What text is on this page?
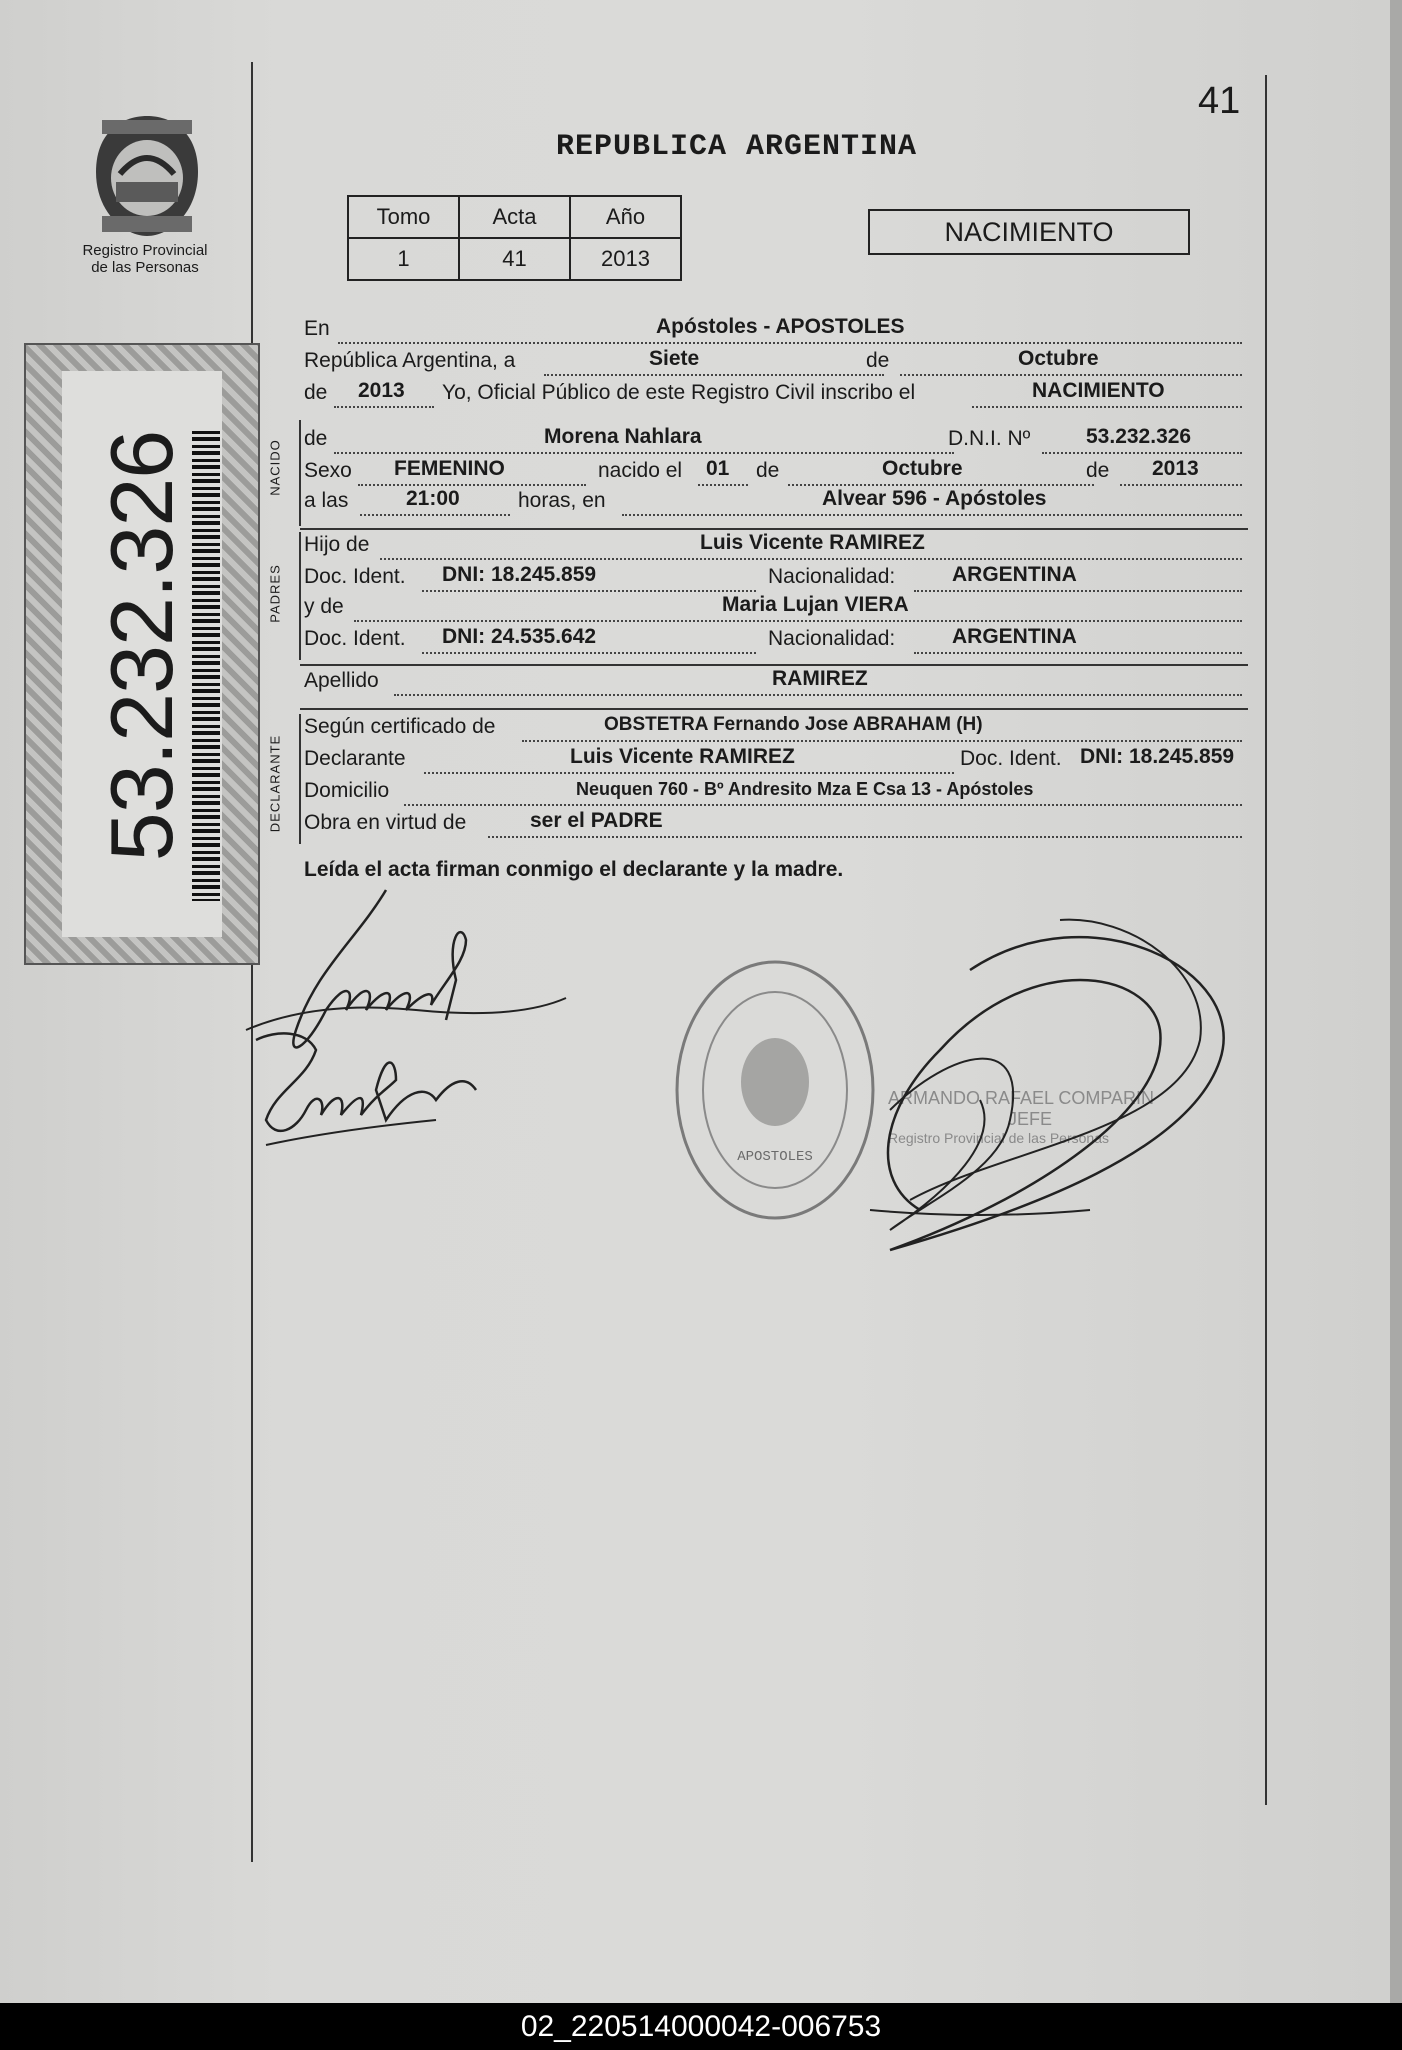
Registro Provincial
de las Personas
53.232.326
41
REPUBLICA ARGENTINA
Tomo	Acta	Año
1	41	2013
NACIMIENTO
En	Apóstoles - APOSTOLES
República Argentina, a	Siete	de	Octubre
de 2013 Yo, Oficial Público de este Registro Civil inscribo el	NACIMIENTO
NACIDO
de	Morena Nahlara	D.N.I. Nº	53.232.326
Sexo FEMENINO	nacido el 01 de	Octubre	de 2013
a las	21:00	horas, en	Alvear 596 - Apóstoles
PADRES
Hijo de	Luis Vicente RAMIREZ
Doc. Ident. DNI: 18.245.859	Nacionalidad:	ARGENTINA
y de	Maria Lujan VIERA
Doc. Ident. DNI: 24.535.642	Nacionalidad:	ARGENTINA
Apellido	RAMIREZ
DECLARANTE
Según certificado de	OBSTETRA Fernando Jose ABRAHAM (H)
Declarante	Luis Vicente RAMIREZ	Doc. Ident. DNI: 18.245.859
Domicilio	Neuquen 760 - Bº Andresito Mza E Csa 13 - Apóstoles
Obra en virtud de	ser el PADRE
Leída el acta firman conmigo el declarante y la madre.
APOSTOLES
ARMANDO RAFAEL COMPARIN
JEFE
Registro Provincial de las Personas
02_220514000042-006753
